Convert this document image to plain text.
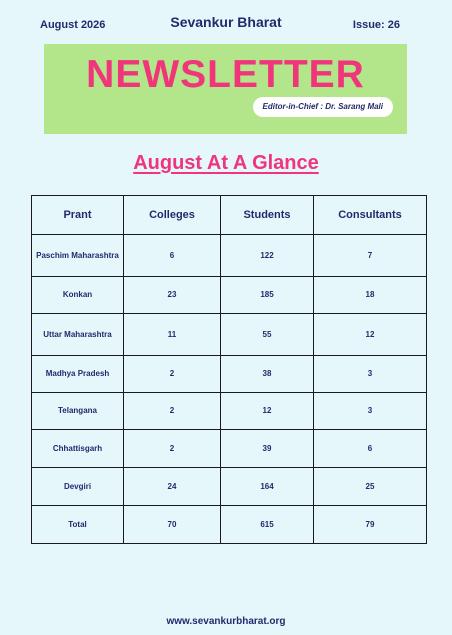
August 2026	Sevankur Bharat	Issue: 26
NEWSLETTER
Editor-in-Chief : Dr. Sarang Mali
August At A Glance
Prant	Colleges	Students	Consultants
Paschim Maharashtra	6	122	7
Konkan	23	185	18
Uttar Maharashtra	11	55	12
Madhya Pradesh	2	38	3
Telangana	2	12	3
Chhattisgarh	2	39	6
Devgiri	24	164	25
Total	70	615	79
www.sevankurbharat.org
